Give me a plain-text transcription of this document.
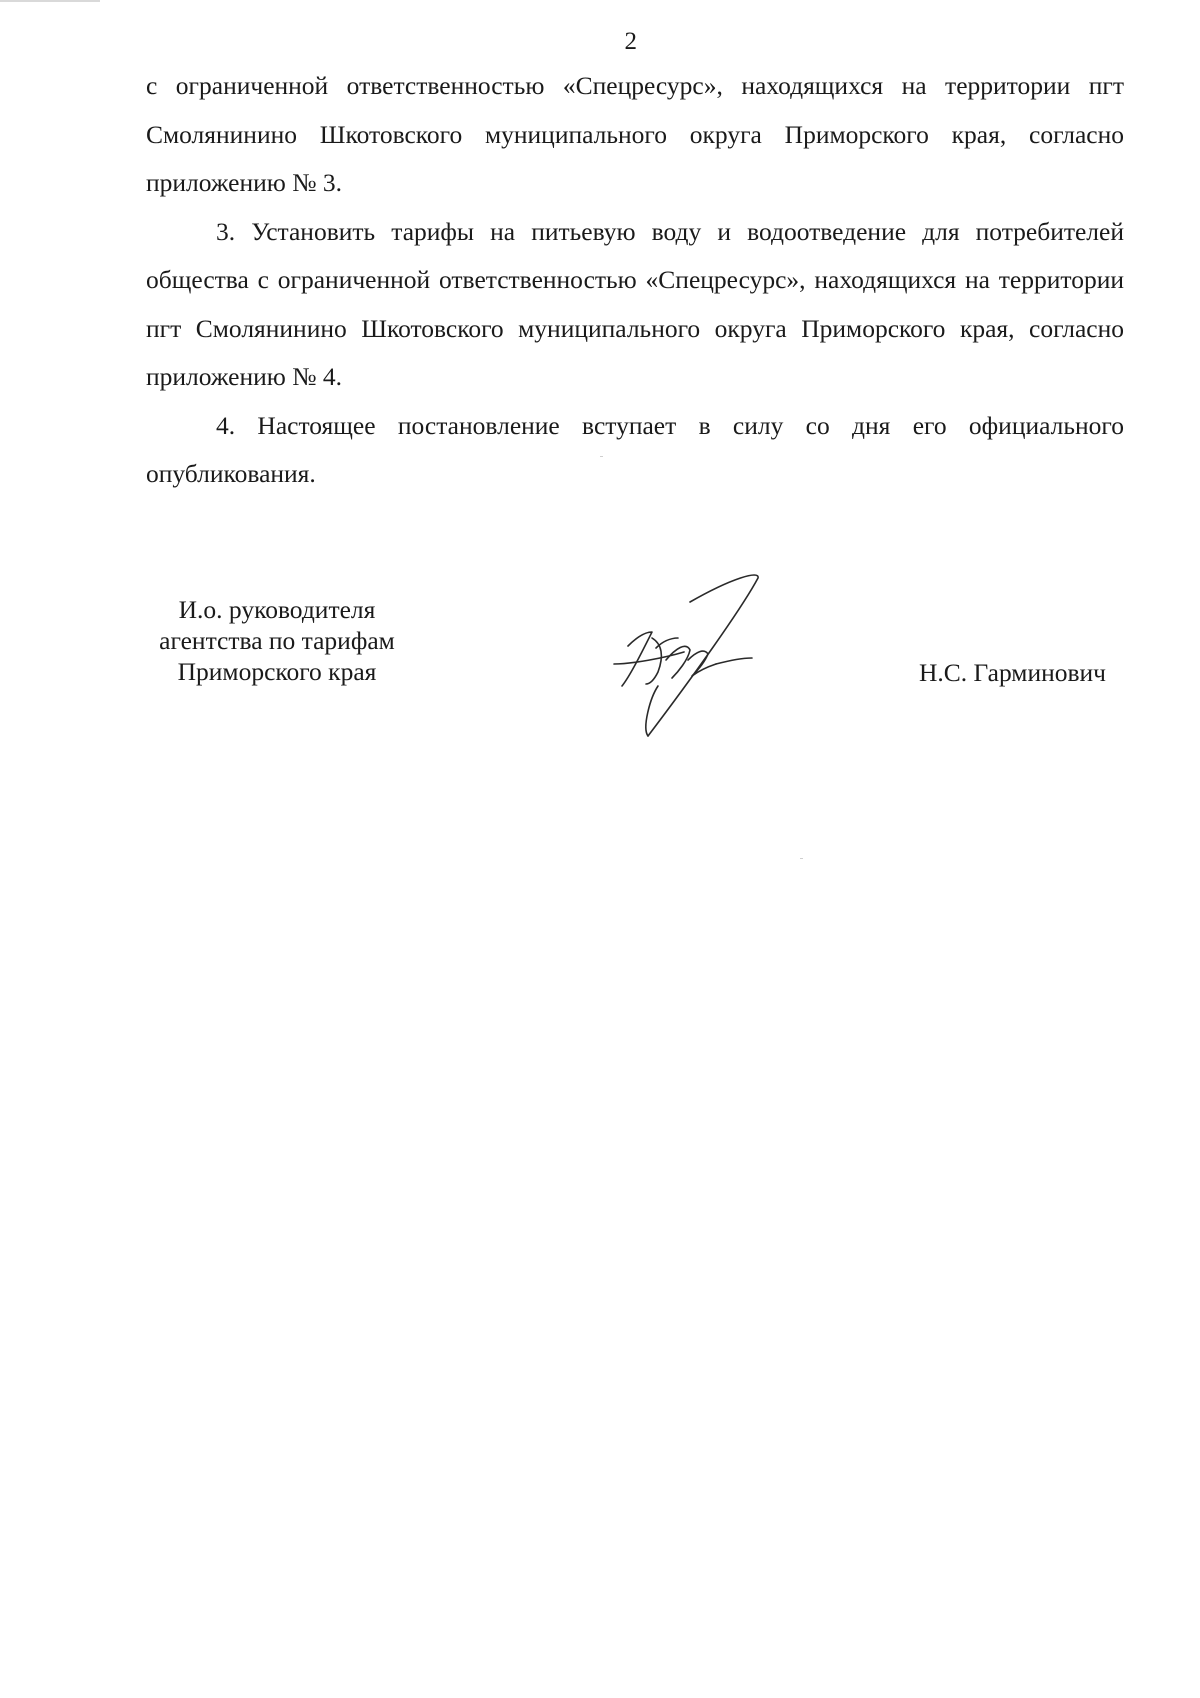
2

с ограниченной ответственностью «Спецресурс», находящихся на территории пгт Смолянинино Шкотовского муниципального округа Приморского края, согласно приложению № 3.

3. Установить тарифы на питьевую воду и водоотведение для потребителей общества с ограниченной ответственностью «Спецресурс», находящихся на территории пгт Смолянинино Шкотовского муниципального округа Приморского края, согласно приложению № 4.

4. Настоящее постановление вступает в силу со дня его официального опубликования.

И.о. руководителя
агентства по тарифам
Приморского края	Н.С. Гарминович
